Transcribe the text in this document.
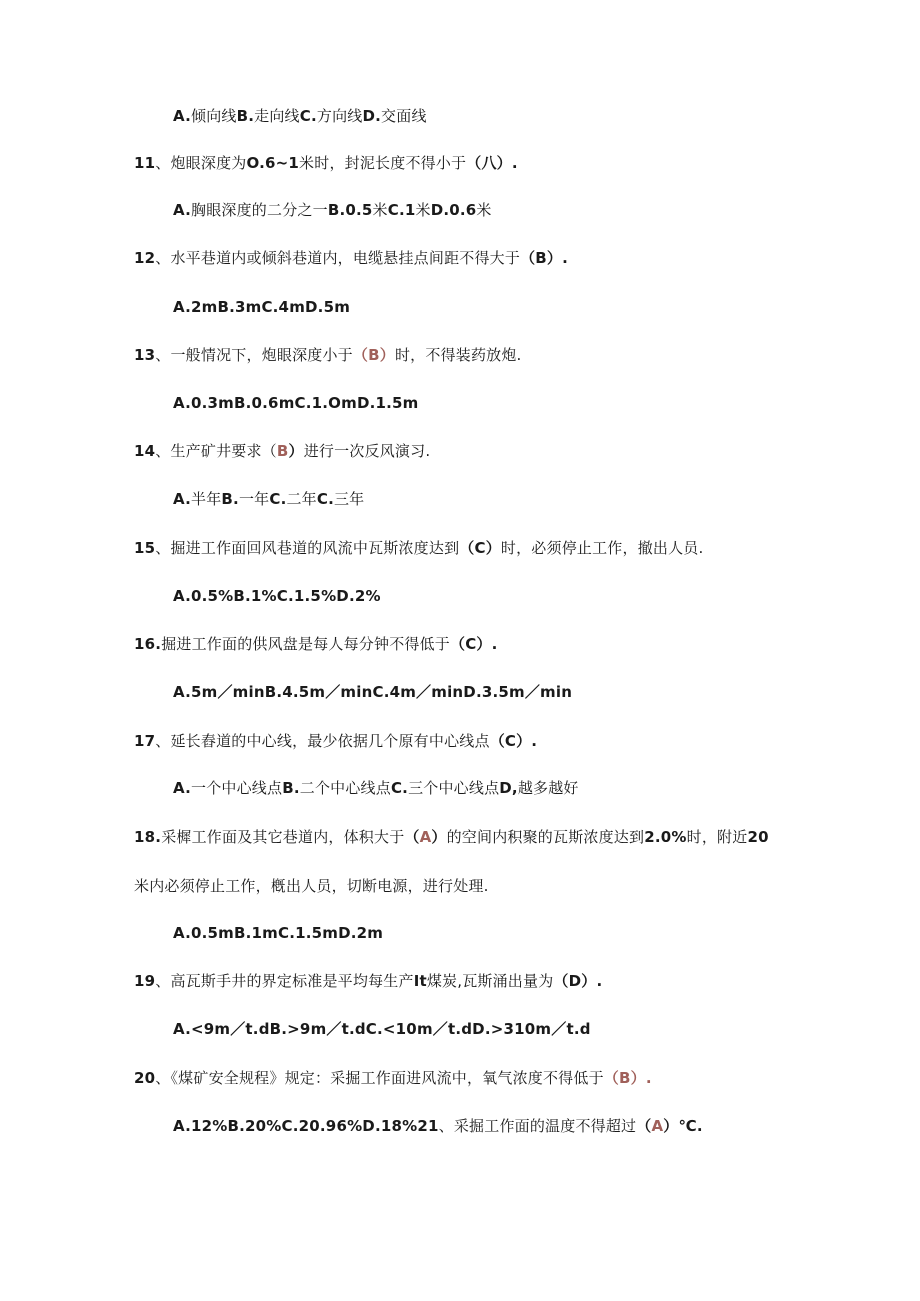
A.倾向线B.走向线C.方向线D.交面线
11、炮眼深度为O.6~1米时，封泥长度不得小于（八）.
A.胸眼深度的二分之一B.0.5米C.1米D.0.6米
12、水平巷道内或倾斜巷道内，电缆悬挂点间距不得大于（B）.
A.2mB.3mC.4mD.5m
13、一般情况下，炮眼深度小于（B）时，不得装药放炮.
A.0.3mB.0.6mC.1.OmD.1.5m
14、生产矿井要求（B）进行一次反风演习.
A.半年B.一年C.二年C.三年
15、掘进工作面回风巷道的风流中瓦斯浓度达到（C）时，必须停止工作，撤出人员.
A.0.5%B.1%C.1.5%D.2%
16.掘进工作面的供风盘是每人每分钟不得低于（C）.
A.5m／minB.4.5m／minC.4m／minD.3.5m／min
17、延长舂道的中心线，最少依据几个原有中心线点（C）.
A.一个中心线点B.二个中心线点C.三个中心线点D,越多越好
18.采樨工作面及其它巷道内，体积大于（A）的空间内积聚的瓦斯浓度达到2.0%时，附近20
米内必须停止工作，槪出人员，切断电源，进行处理.
A.0.5mB.1mC.1.5mD.2m
19、高瓦斯手井的界定标准是平均每生产It煤炭,瓦斯涌出量为（D）.
A.<9m／t.dB.>9m／t.dC.<10m／t.dD.>310m／t.d
20、《煤矿安全规程》规定：采掘工作面进风流中，氧气浓度不得低于（B）.
A.12%B.20%C.20.96%D.18%21、采掘工作面的温度不得超过（A）℃.
